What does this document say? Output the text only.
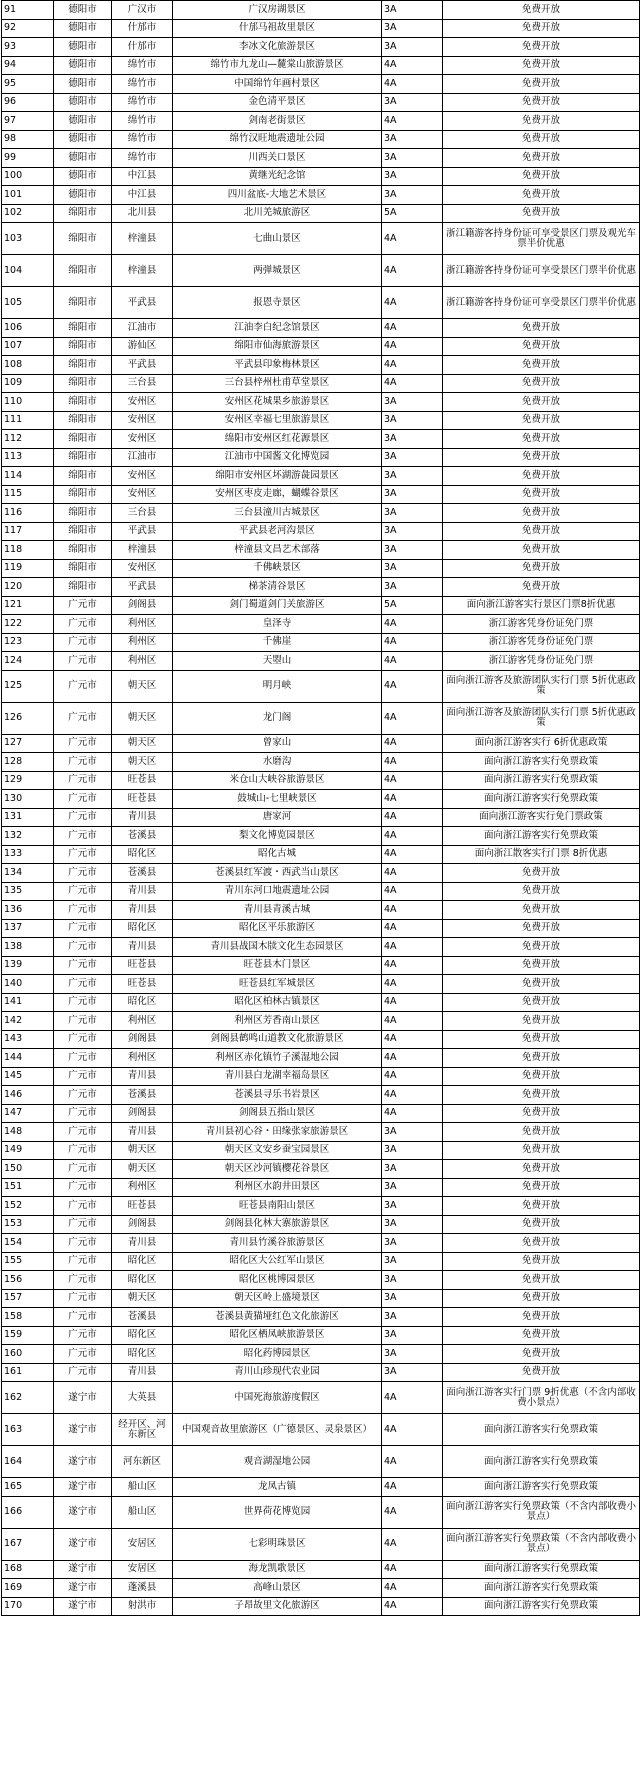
91	德阳市	广汉市	广汉房湖景区	3A	免费开放
92	德阳市	什邡市	什邡马祖故里景区	3A	免费开放
93	德阳市	什邡市	李冰文化旅游景区	3A	免费开放
94	德阳市	绵竹市	绵竹市九龙山—麓棠山旅游景区	4A	免费开放
95	德阳市	绵竹市	中国绵竹年画村景区	4A	免费开放
96	德阳市	绵竹市	金色清平景区	3A	免费开放
97	德阳市	绵竹市	剑南老街景区	4A	免费开放
98	德阳市	绵竹市	绵竹汉旺地震遗址公园	3A	免费开放
99	德阳市	绵竹市	川西关口景区	3A	免费开放
100	德阳市	中江县	黄继光纪念馆	3A	免费开放
101	德阳市	中江县	四川盆底-大地艺术景区	3A	免费开放
102	绵阳市	北川县	北川羌城旅游区	5A	免费开放
103	绵阳市	梓潼县	七曲山景区	4A	浙江籍游客持身份证可享受景区门票及观光车票半价优惠
104	绵阳市	梓潼县	两弹城景区	4A	浙江籍游客持身份证可享受景区门票半价优惠
105	绵阳市	平武县	报恩寺景区	4A	浙江籍游客持身份证可享受景区门票半价优惠
106	绵阳市	江油市	江油李白纪念馆景区	4A	免费开放
107	绵阳市	游仙区	绵阳市仙海旅游景区	4A	免费开放
108	绵阳市	平武县	平武县印象梅林景区	4A	免费开放
109	绵阳市	三台县	三台县梓州杜甫草堂景区	4A	免费开放
110	绵阳市	安州区	安州区花城果乡旅游景区	3A	免费开放
111	绵阳市	安州区	安州区幸福七里旅游景区	3A	免费开放
112	绵阳市	安州区	绵阳市安州区红花源景区	3A	免费开放
113	绵阳市	江油市	江油市中国酱文化博览园	3A	免费开放
114	绵阳市	安州区	绵阳市安州区坏湖游彘园景区	3A	免费开放
115	绵阳市	安州区	安州区枣皮走廊，蝴蝶谷景区	3A	免费开放
116	绵阳市	三台县	三台县潼川古城景区	3A	免费开放
117	绵阳市	平武县	平武县老河沟景区	3A	免费开放
118	绵阳市	梓潼县	梓潼县文昌艺术部落	3A	免费开放
119	绵阳市	安州区	千佛峡景区	3A	免费开放
120	绵阳市	平武县	梯茶清谷景区	3A	免费开放
121	广元市	剑阁县	剑门蜀道剑门关旅游区	5A	面向浙江游客实行景区门票8折优惠
122	广元市	利州区	皇泽寺	4A	浙江游客凭身份证免门票
123	广元市	利州区	千佛崖	4A	浙江游客凭身份证免门票
124	广元市	利州区	天曌山	4A	浙江游客凭身份证免门票
125	广元市	朝天区	明月峡	4A	面向浙江游客及旅游团队实行门票 5折优惠政策
126	广元市	朝天区	龙门阁	4A	面向浙江游客及旅游团队实行门票 5折优惠政策
127	广元市	朝天区	曾家山	4A	面向浙江游客实行 6折优惠政策
128	广元市	朝天区	水磨沟	4A	面向浙江游客实行免票政策
129	广元市	旺苍县	米仓山大峡谷旅游景区	4A	面向浙江游客实行免票政策
130	广元市	旺苍县	鼓城山-七里峡景区	4A	面向浙江游客实行免票政策
131	广元市	青川县	唐家河	4A	面向浙江游客实行免门票政策
132	广元市	苍溪县	梨文化博览园景区	4A	面向浙江游客实行免票政策
133	广元市	昭化区	昭化古城	4A	面向浙江散客实行门票 8折优惠
134	广元市	苍溪县	苍溪县红军渡・西武当山景区	4A	免费开放
135	广元市	青川县	青川东河口地震遗址公园	4A	免费开放
136	广元市	青川县	青川县青溪古城	4A	免费开放
137	广元市	昭化区	昭化区平乐旅游区	4A	免费开放
138	广元市	青川县	青川县战国木牍文化生态园景区	4A	免费开放
139	广元市	旺苍县	旺苍县木门景区	4A	免费开放
140	广元市	旺苍县	旺苍县红军城景区	4A	免费开放
141	广元市	昭化区	昭化区柏林古镇景区	4A	免费开放
142	广元市	利州区	利州区芳香南山景区	4A	免费开放
143	广元市	剑阁县	剑阁县鹤鸣山道教文化旅游景区	4A	免费开放
144	广元市	利州区	利州区赤化镇竹子溪湿地公园	4A	免费开放
145	广元市	青川县	青川县白龙湖幸福岛景区	4A	免费开放
146	广元市	苍溪县	苍溪县寻乐书岩景区	4A	免费开放
147	广元市	剑阁县	剑阁县五指山景区	4A	免费开放
148	广元市	青川县	青川县初心谷・田缘张家旅游景区	3A	免费开放
149	广元市	朝天区	朝天区文安乡蚕宝园景区	3A	免费开放
150	广元市	朝天区	朝天区沙河镇樱花谷景区	3A	免费开放
151	广元市	利州区	利州区水韵井田景区	3A	免费开放
152	广元市	旺苍县	旺苍县南阳山景区	3A	免费开放
153	广元市	剑阁县	剑阁县化林大寨旅游景区	3A	免费开放
154	广元市	青川县	青川县竹溪谷旅游景区	3A	免费开放
155	广元市	昭化区	昭化区大公红军山景区	3A	免费开放
156	广元市	昭化区	昭化区桃博园景区	3A	免费开放
157	广元市	朝天区	朝天区岭上盛境景区	3A	免费开放
158	广元市	苍溪县	苍溪县黄猫垭红色文化旅游区	3A	免费开放
159	广元市	昭化区	昭化区栖凤峡旅游景区	3A	免费开放
160	广元市	昭化区	昭化药博园景区	3A	免费开放
161	广元市	青川县	青川山珍现代农业园	3A	免费开放
162	遂宁市	大英县	中国死海旅游度假区	4A	面向浙江游客实行门票 9折优惠（不含内部收费小景点）
163	遂宁市	经开区、河东新区	中国观音故里旅游区（广德景区、灵泉景区）	4A	面向浙江游客实行免票政策
164	遂宁市	河东新区	观音湖湿地公园	4A	面向浙江游客实行免票政策
165	遂宁市	船山区	龙凤古镇	4A	面向浙江游客实行免票政策
166	遂宁市	船山区	世界荷花博览园	4A	面向浙江游客实行免票政策（不含内部收费小景点）
167	遂宁市	安居区	七彩明珠景区	4A	面向浙江游客实行免票政策（不含内部收费小景点）
168	遂宁市	安居区	海龙凯歌景区	4A	面向浙江游客实行免票政策
169	遂宁市	蓬溪县	高峰山景区	4A	面向浙江游客实行免票政策
170	遂宁市	射洪市	子昂故里文化旅游区	4A	面向浙江游客实行免票政策
